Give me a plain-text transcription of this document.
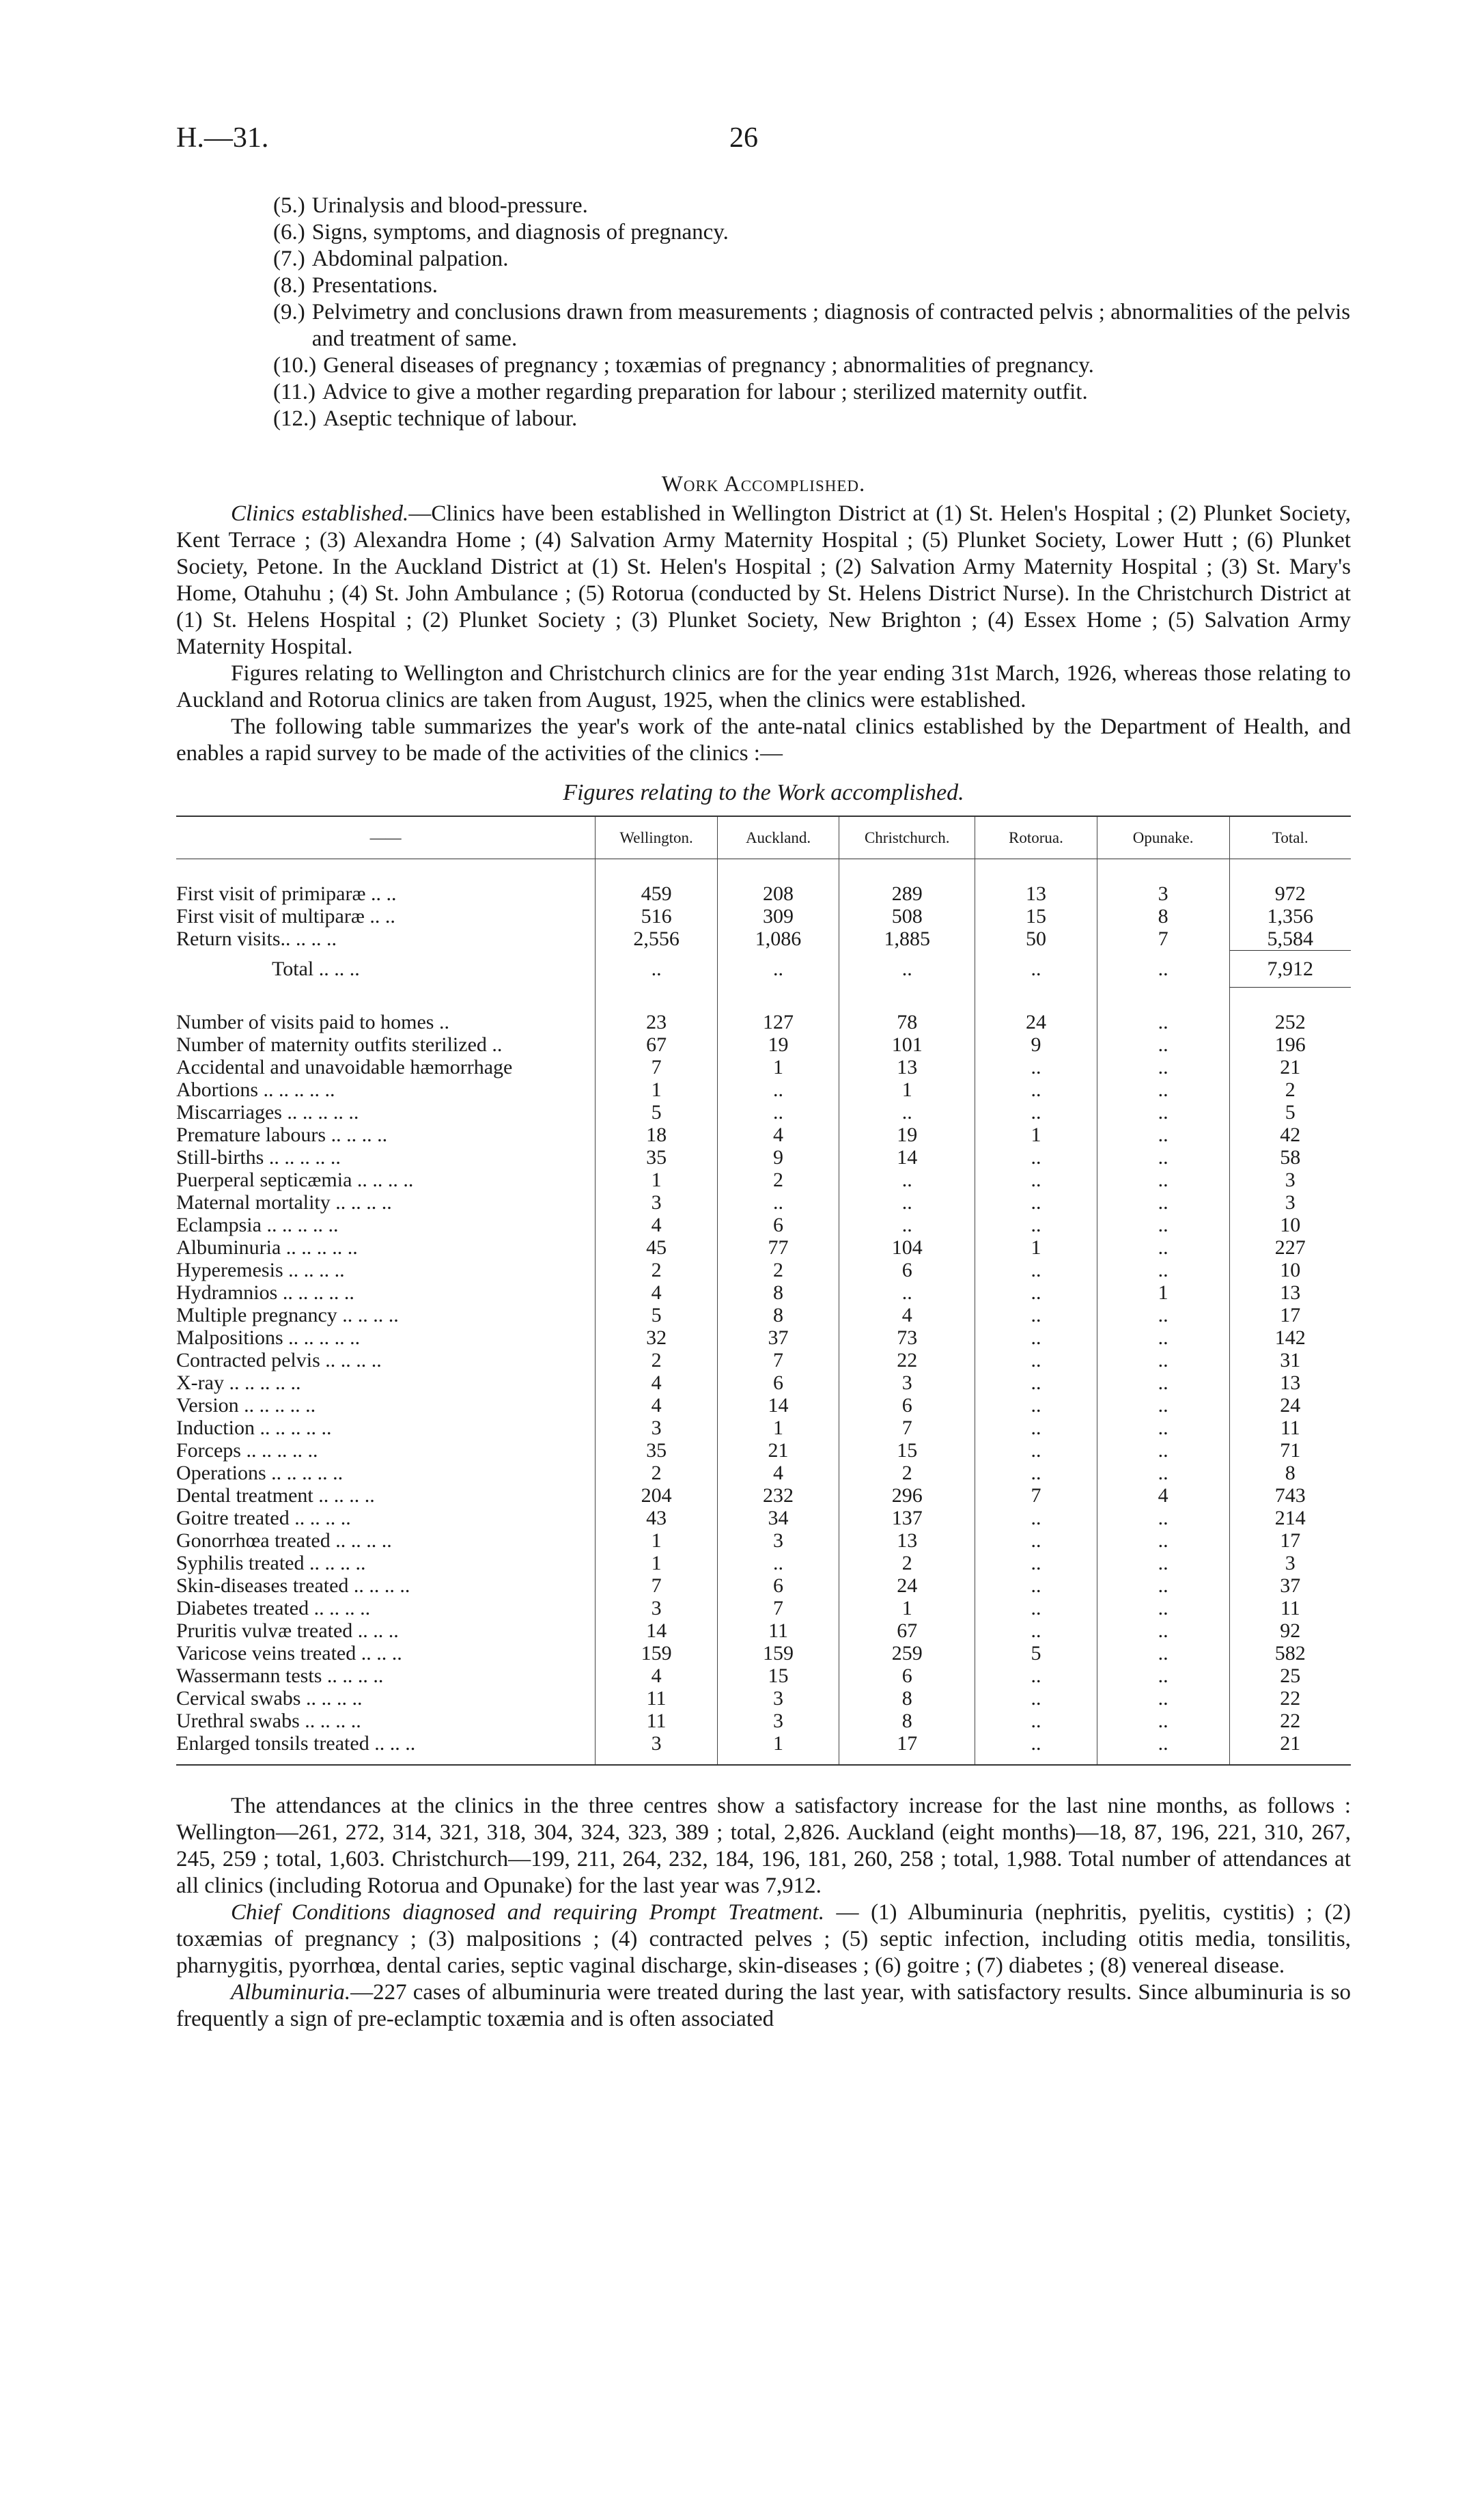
H.—31.	26
(5.) Urinalysis and blood-pressure.
(6.) Signs, symptoms, and diagnosis of pregnancy.
(7.) Abdominal palpation.
(8.) Presentations.
(9.) Pelvimetry and conclusions drawn from measurements ; diagnosis of contracted pelvis ; abnormalities of the pelvis and treatment of same.
(10.) General diseases of pregnancy ; toxæmias of pregnancy ; abnormalities of pregnancy.
(11.) Advice to give a mother regarding preparation for labour ; sterilized maternity outfit.
(12.) Aseptic technique of labour.
Work Accomplished.

Clinics established.—Clinics have been established in Wellington District at (1) St. Helen's Hospital ; (2) Plunket Society, Kent Terrace ; (3) Alexandra Home ; (4) Salvation Army Maternity Hospital ; (5) Plunket Society, Lower Hutt ; (6) Plunket Society, Petone. In the Auckland District at (1) St. Helen's Hospital ; (2) Salvation Army Maternity Hospital ; (3) St. Mary's Home, Otahuhu ; (4) St. John Ambulance ; (5) Rotorua (conducted by St. Helens District Nurse). In the Christchurch District at (1) St. Helens Hospital ; (2) Plunket Society ; (3) Plunket Society, New Brighton ; (4) Essex Home ; (5) Salvation Army Maternity Hospital.

Figures relating to Wellington and Christchurch clinics are for the year ending 31st March, 1926, whereas those relating to Auckland and Rotorua clinics are taken from August, 1925, when the clinics were established.

The following table summarizes the year's work of the ante-natal clinics established by the Department of Health, and enables a rapid survey to be made of the activities of the clinics :—

Figures relating to the Work accomplished.
——	Wellington.	Auckland.	Christchurch.	Rotorua.	Opunake.	Total.

First visit of primiparæ .. ..	459	208	289	13	3	972
First visit of multiparæ .. ..	516	309	508	15	8	1,356
Return visits.. .. .. ..	2,556	1,086	1,885	50	7	5,584
Total .. .. ..	..	..	..	..	..	7,912

Number of visits paid to homes ..	23	127	78	24	..	252
Number of maternity outfits sterilized ..	67	19	101	9	..	196
Accidental and unavoidable hæmorrhage	7	1	13	..	..	21
Abortions .. .. .. .. ..	1	..	1	..	..	2
Miscarriages .. .. .. .. ..	5	..	..	..	..	5
Premature labours .. .. .. ..	18	4	19	1	..	42
Still-births .. .. .. .. ..	35	9	14	..	..	58
Puerperal septicæmia .. .. .. ..	1	2	..	..	..	3
Maternal mortality .. .. .. ..	3	..	..	..	..	3
Eclampsia .. .. .. .. ..	4	6	..	..	..	10
Albuminuria .. .. .. .. ..	45	77	104	1	..	227
Hyperemesis .. .. .. ..	2	2	6	..	..	10
Hydramnios .. .. .. .. ..	4	8	..	..	1	13
Multiple pregnancy .. .. .. ..	5	8	4	..	..	17
Malpositions .. .. .. .. ..	32	37	73	..	..	142
Contracted pelvis .. .. .. ..	2	7	22	..	..	31
X-ray .. .. .. .. ..	4	6	3	..	..	13
Version .. .. .. .. ..	4	14	6	..	..	24
Induction .. .. .. .. ..	3	1	7	..	..	11
Forceps .. .. .. .. ..	35	21	15	..	..	71
Operations .. .. .. .. ..	2	4	2	..	..	8
Dental treatment .. .. .. ..	204	232	296	7	4	743
Goitre treated .. .. .. ..	43	34	137	..	..	214
Gonorrhœa treated .. .. .. ..	1	3	13	..	..	17
Syphilis treated .. .. .. ..	1	..	2	..	..	3
Skin-diseases treated .. .. .. ..	7	6	24	..	..	37
Diabetes treated .. .. .. ..	3	7	1	..	..	11
Pruritis vulvæ treated .. .. ..	14	11	67	..	..	92
Varicose veins treated .. .. ..	159	159	259	5	..	582
Wassermann tests .. .. .. ..	4	15	6	..	..	25
Cervical swabs .. .. .. ..	11	3	8	..	..	22
Urethral swabs .. .. .. ..	11	3	8	..	..	22
Enlarged tonsils treated .. .. ..	3	1	17	..	..	21

The attendances at the clinics in the three centres show a satisfactory increase for the last nine months, as follows : Wellington—261, 272, 314, 321, 318, 304, 324, 323, 389 ; total, 2,826. Auckland (eight months)—18, 87, 196, 221, 310, 267, 245, 259 ; total, 1,603. Christchurch—199, 211, 264, 232, 184, 196, 181, 260, 258 ; total, 1,988. Total number of attendances at all clinics (including Rotorua and Opunake) for the last year was 7,912.

Chief Conditions diagnosed and requiring Prompt Treatment. — (1) Albuminuria (nephritis, pyelitis, cystitis) ; (2) toxæmias of pregnancy ; (3) malpositions ; (4) contracted pelves ; (5) septic infection, including otitis media, tonsilitis, pharnygitis, pyorrhœa, dental caries, septic vaginal discharge, skin-diseases ; (6) goitre ; (7) diabetes ; (8) venereal disease.

Albuminuria.—227 cases of albuminuria were treated during the last year, with satisfactory results. Since albuminuria is so frequently a sign of pre-eclamptic toxæmia and is often associated
